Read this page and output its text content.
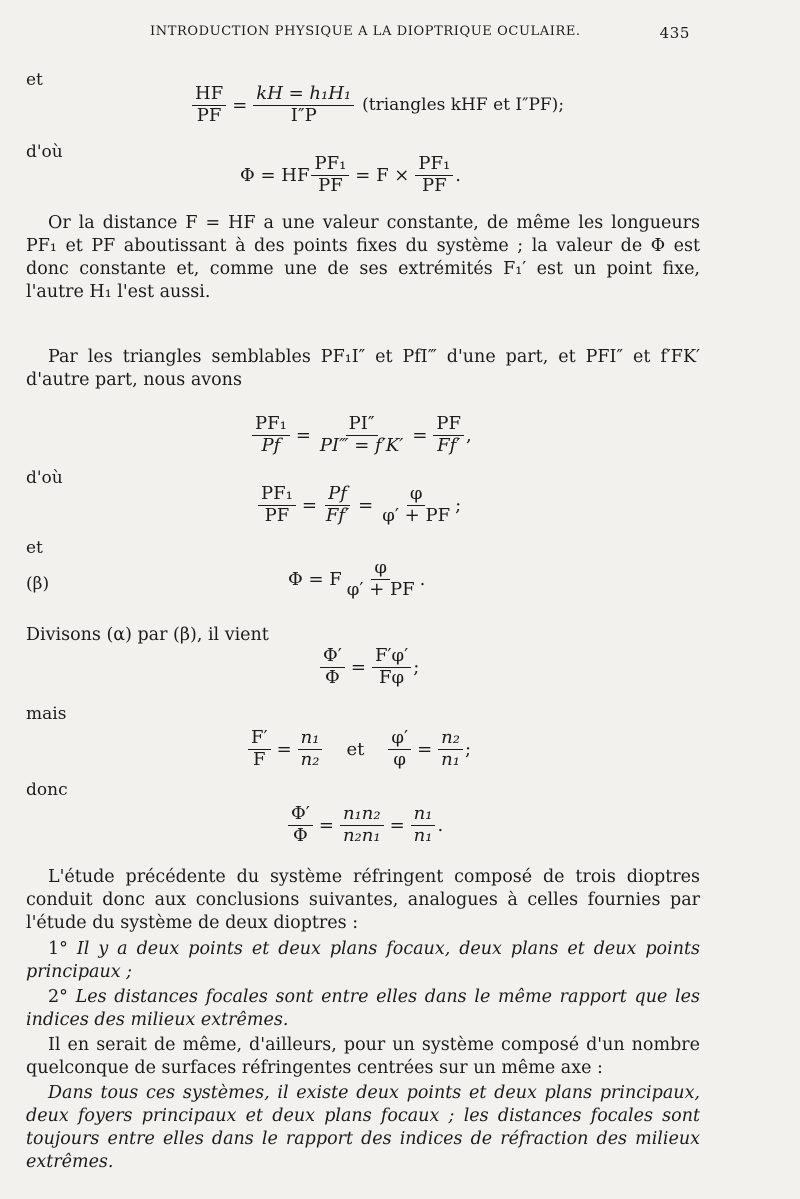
INTRODUCTION PHYSIQUE A LA DIOPTRIQUE OCULAIRE.	435
et
$\frac{HF}{PF} = \frac{\text{kH = h₁H₁}}{I''P}$ (triangles kHF et I″PF);
d'où
Φ = HF $\frac{\text{PF₁}}{PF} = F \times \frac{\text{PF₁}}{PF}$ .

Or la distance F = HF a une valeur constante, de même les longueurs PF₁ et PF aboutissant à des points fixes du système ; la valeur de Φ est donc constante et, comme une de ses extrémités F₁′ est un point fixe, l'autre H₁ l'est aussi.

Par les triangles semblables PF₁I″ et PfI‴ d'une part, et PFI″ et f′FK′ d'autre part, nous avons

$\frac{\text{PF₁}}{Pf} = \frac{PI''}{PI‴ = f'K'} = \frac{PF}{Ff'}$ ,
d'où
$\frac{\text{PF₁}}{PF} = \frac{Pf}{Ff'} = \frac{\varphi}{\varphi' + PF}$ ;
et
(β)	Φ = F $\frac{\varphi}{\varphi' + PF}$ .

Divisons (α) par (β), il vient

$\frac{\Phi'}{\Phi} = \frac{F'\varphi'}{F\varphi}$ ;
mais
$\frac{F'}{F} = \frac{\text{n₁}}{\text{n₂}}$ et $\frac{\varphi'}{\varphi} = \frac{\text{n₂}}{\text{n₁}}$ ;
donc
$\frac{\Phi'}{\Phi} = \frac{\text{n₁n₂}}{\text{n₂n₁}} = \frac{\text{n₁}}{\text{n₁}}$ .

L'étude précédente du système réfringent composé de trois dioptres conduit donc aux conclusions suivantes, analogues à celles fournies par l'étude du système de deux dioptres :

1° Il y a deux points et deux plans focaux, deux plans et deux points principaux ;

2° Les distances focales sont entre elles dans le même rapport que les indices des milieux extrêmes.

Il en serait de même, d'ailleurs, pour un système composé d'un nombre quelconque de surfaces réfringentes centrées sur un même axe :

Dans tous ces systèmes, il existe deux points et deux plans principaux, deux foyers principaux et deux plans focaux ; les distances focales sont toujours entre elles dans le rapport des indices de réfraction des milieux extrêmes.
